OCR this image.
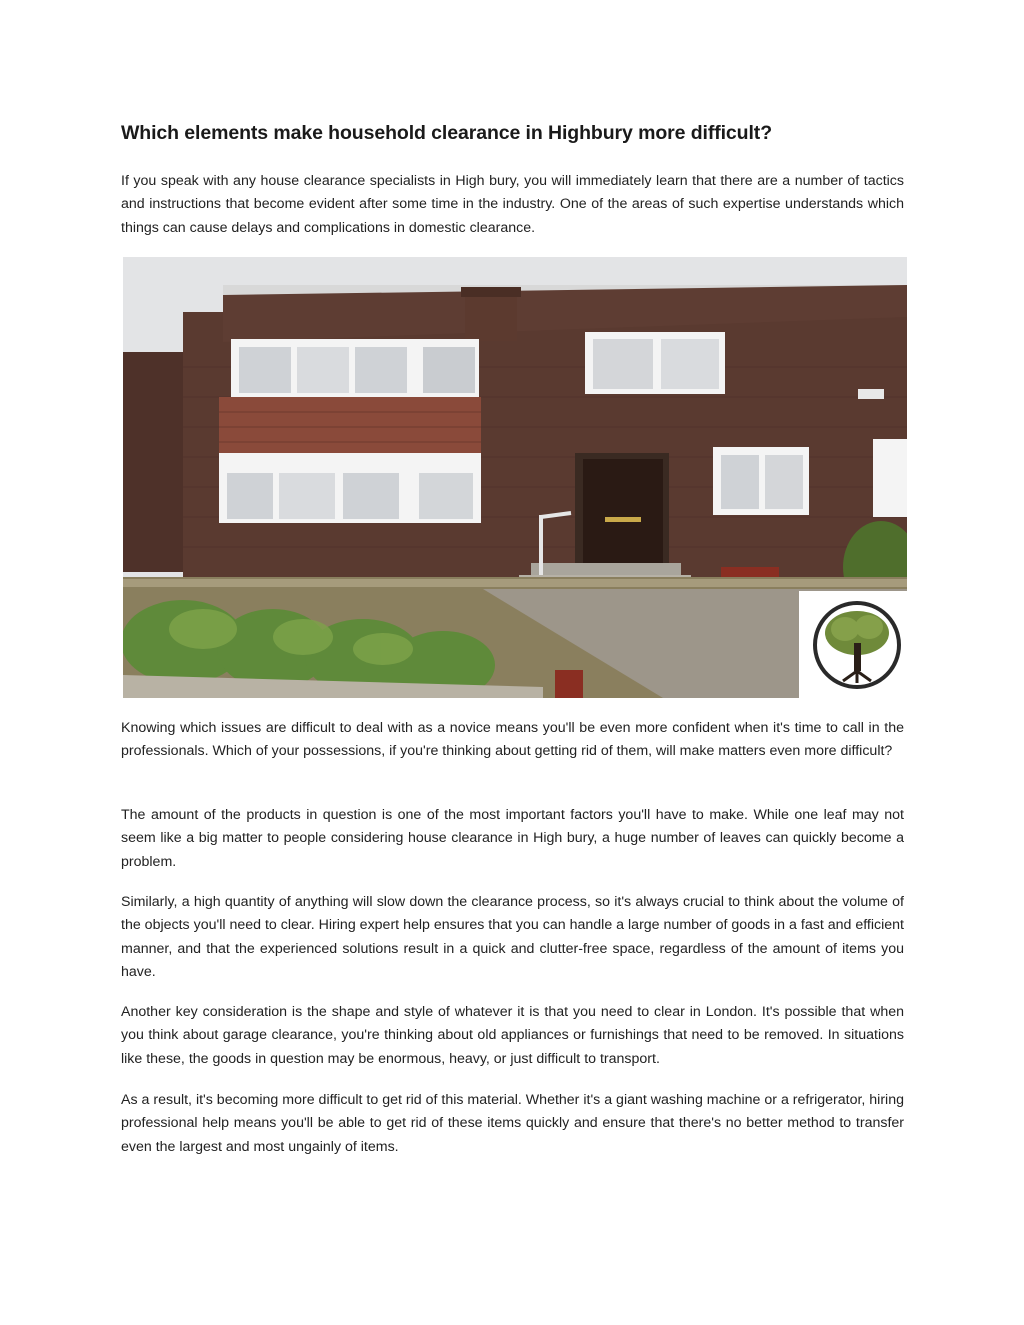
Which elements make household clearance in Highbury more difficult?

If you speak with any house clearance specialists in High bury, you will immediately learn that there are a number of tactics and instructions that become evident after some time in the industry. One of the areas of such expertise understands which things can cause delays and complications in domestic clearance.

Knowing which issues are difficult to deal with as a novice means you'll be even more confident when it's time to call in the professionals. Which of your possessions, if you're thinking about getting rid of them, will make matters even more difficult?

The amount of the products in question is one of the most important factors you'll have to make. While one leaf may not seem like a big matter to people considering house clearance in High bury, a huge number of leaves can quickly become a problem.

Similarly, a high quantity of anything will slow down the clearance process, so it's always crucial to think about the volume of the objects you'll need to clear. Hiring expert help ensures that you can handle a large number of goods in a fast and efficient manner, and that the experienced solutions result in a quick and clutter-free space, regardless of the amount of items you have.

Another key consideration is the shape and style of whatever it is that you need to clear in London. It's possible that when you think about garage clearance, you're thinking about old appliances or furnishings that need to be removed. In situations like these, the goods in question may be enormous, heavy, or just difficult to transport.

As a result, it's becoming more difficult to get rid of this material. Whether it's a giant washing machine or a refrigerator, hiring professional help means you'll be able to get rid of these items quickly and ensure that there's no better method to transfer even the largest and most ungainly of items.
